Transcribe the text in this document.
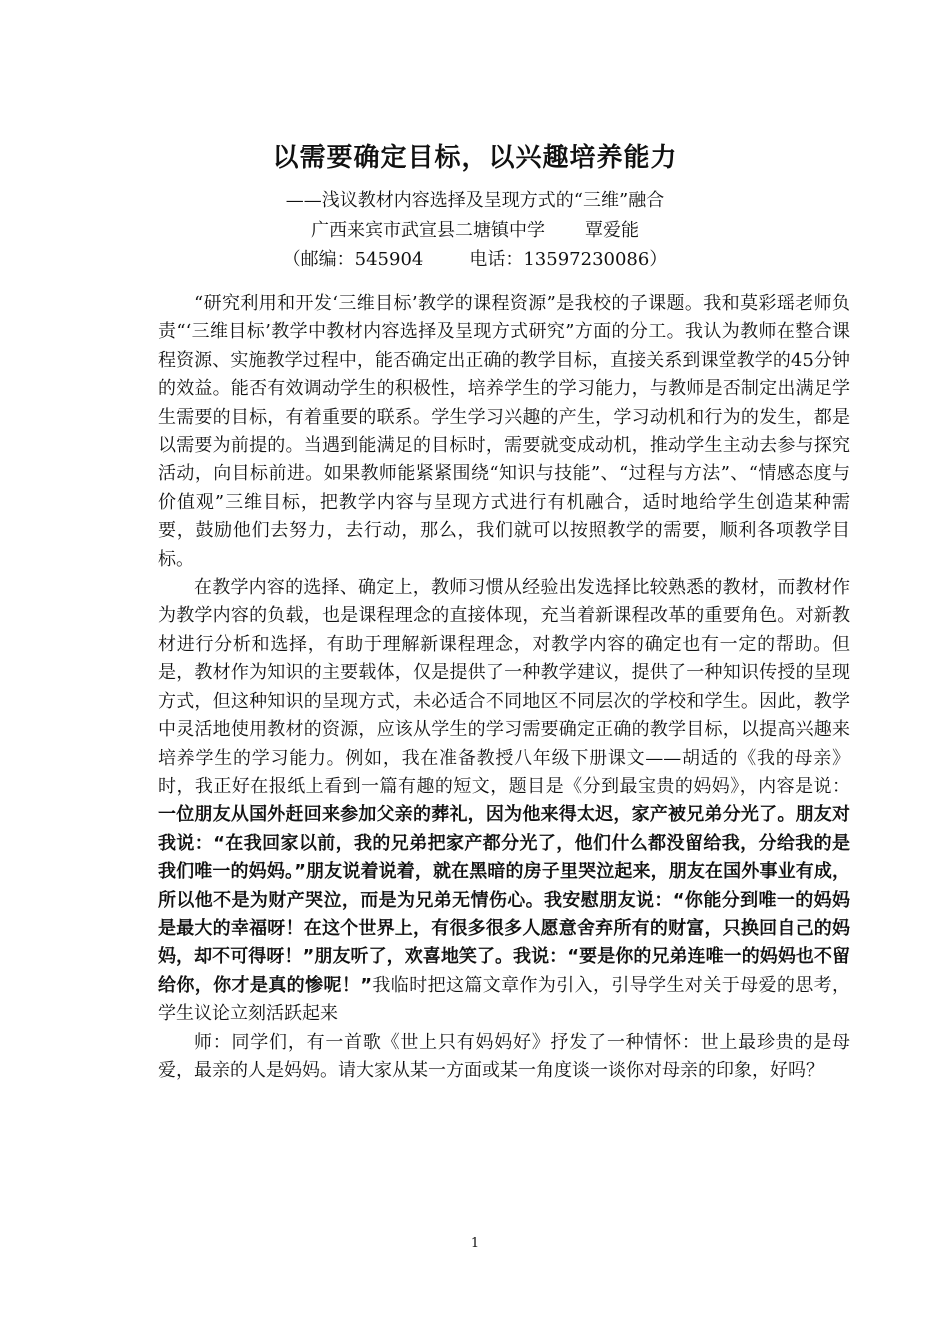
以需要确定目标，以兴趣培养能力
——浅议教材内容选择及呈现方式的“三维”融合
广西来宾市武宣县二塘镇中学 覃爱能
（邮编：545904	电话：13597230086）

“研究利用和开发‘三维目标’教学的课程资源”是我校的子课题。我和莫彩瑶老师负责“‘三维目标’教学中教材内容选择及呈现方式研究”方面的分工。我认为教师在整合课程资源、实施教学过程中，能否确定出正确的教学目标，直接关系到课堂教学的45分钟的效益。能否有效调动学生的积极性，培养学生的学习能力，与教师是否制定出满足学生需要的目标，有着重要的联系。学生学习兴趣的产生，学习动机和行为的发生，都是以需要为前提的。当遇到能满足的目标时，需要就变成动机，推动学生主动去参与探究活动，向目标前进。如果教师能紧紧围绕“知识与技能”、“过程与方法”、“情感态度与价值观”三维目标，把教学内容与呈现方式进行有机融合，适时地给学生创造某种需要，鼓励他们去努力，去行动，那么，我们就可以按照教学的需要，顺利各项教学目标。

在教学内容的选择、确定上，教师习惯从经验出发选择比较熟悉的教材，而教材作为教学内容的负载，也是课程理念的直接体现，充当着新课程改革的重要角色。对新教材进行分析和选择，有助于理解新课程理念，对教学内容的确定也有一定的帮助。但是，教材作为知识的主要载体，仅是提供了一种教学建议，提供了一种知识传授的呈现方式，但这种知识的呈现方式，未必适合不同地区不同层次的学校和学生。因此，教学中灵活地使用教材的资源，应该从学生的学习需要确定正确的教学目标，以提高兴趣来培养学生的学习能力。例如，我在准备教授八年级下册课文——胡适的《我的母亲》时，我正好在报纸上看到一篇有趣的短文，题目是《分到最宝贵的妈妈》，内容是说：一位朋友从国外赶回来参加父亲的葬礼，因为他来得太迟，家产被兄弟分光了。朋友对我说：“在我回家以前，我的兄弟把家产都分光了，他们什么都没留给我，分给我的是我们唯一的妈妈。”朋友说着说着，就在黑暗的房子里哭泣起来，朋友在国外事业有成，所以他不是为财产哭泣，而是为兄弟无情伤心。我安慰朋友说：“你能分到唯一的妈妈是最大的幸福呀！在这个世界上，有很多很多人愿意舍弃所有的财富，只换回自己的妈妈，却不可得呀！”朋友听了，欢喜地笑了。我说：“要是你的兄弟连唯一的妈妈也不留给你，你才是真的惨呢！”我临时把这篇文章作为引入，引导学生对关于母爱的思考，学生议论立刻活跃起来

师：同学们，有一首歌《世上只有妈妈好》抒发了一种情怀：世上最珍贵的是母爱，最亲的人是妈妈。请大家从某一方面或某一角度谈一谈你对母亲的印象，好吗？

1
